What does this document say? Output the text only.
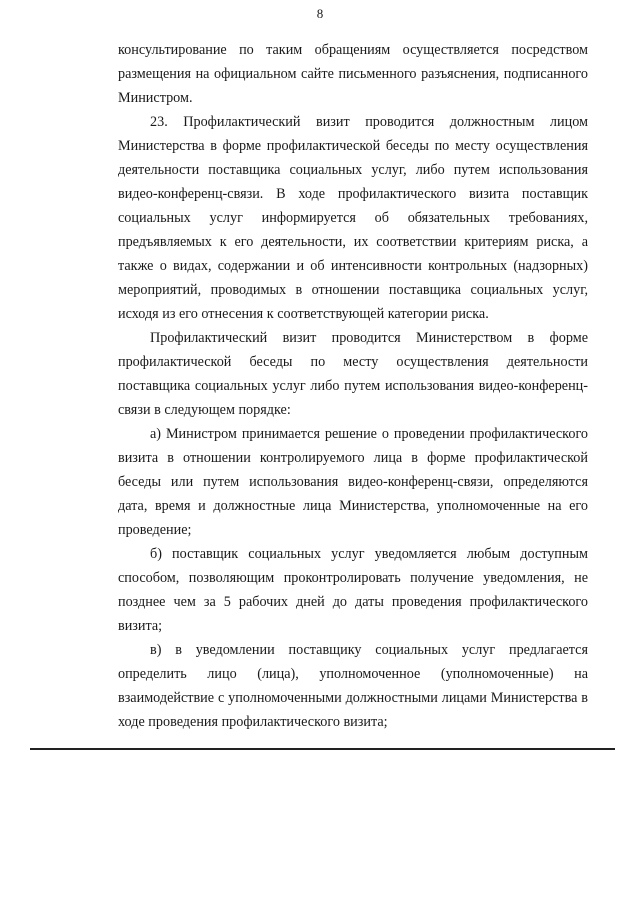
8

консультирование по таким обращениям осуществляется посредством размещения на официальном сайте письменного разъяснения, подписанного Министром.

23. Профилактический визит проводится должностным лицом Министерства в форме профилактической беседы по месту осуществления деятельности поставщика социальных услуг, либо путем использования видео-конференц-связи. В ходе профилактического визита поставщик социальных услуг информируется об обязательных требованиях, предъявляемых к его деятельности, их соответствии критериям риска, а также о видах, содержании и об интенсивности контрольных (надзорных) мероприятий, проводимых в отношении поставщика социальных услуг, исходя из его отнесения к соответствующей категории риска.

Профилактический визит проводится Министерством в форме профилактической беседы по месту осуществления деятельности поставщика социальных услуг либо путем использования видео-конференц-связи в следующем порядке:

а) Министром принимается решение о проведении профилактического визита в отношении контролируемого лица в форме профилактической беседы или путем использования видео-конференц-связи, определяются дата, время и должностные лица Министерства, уполномоченные на его проведение;

б) поставщик социальных услуг уведомляется любым доступным способом, позволяющим проконтролировать получение уведомления, не позднее чем за 5 рабочих дней до даты проведения профилактического визита;

в) в уведомлении поставщику социальных услуг предлагается определить лицо (лица), уполномоченное (уполномоченные) на взаимодействие с уполномоченными должностными лицами Министерства в ходе проведения профилактического визита;
